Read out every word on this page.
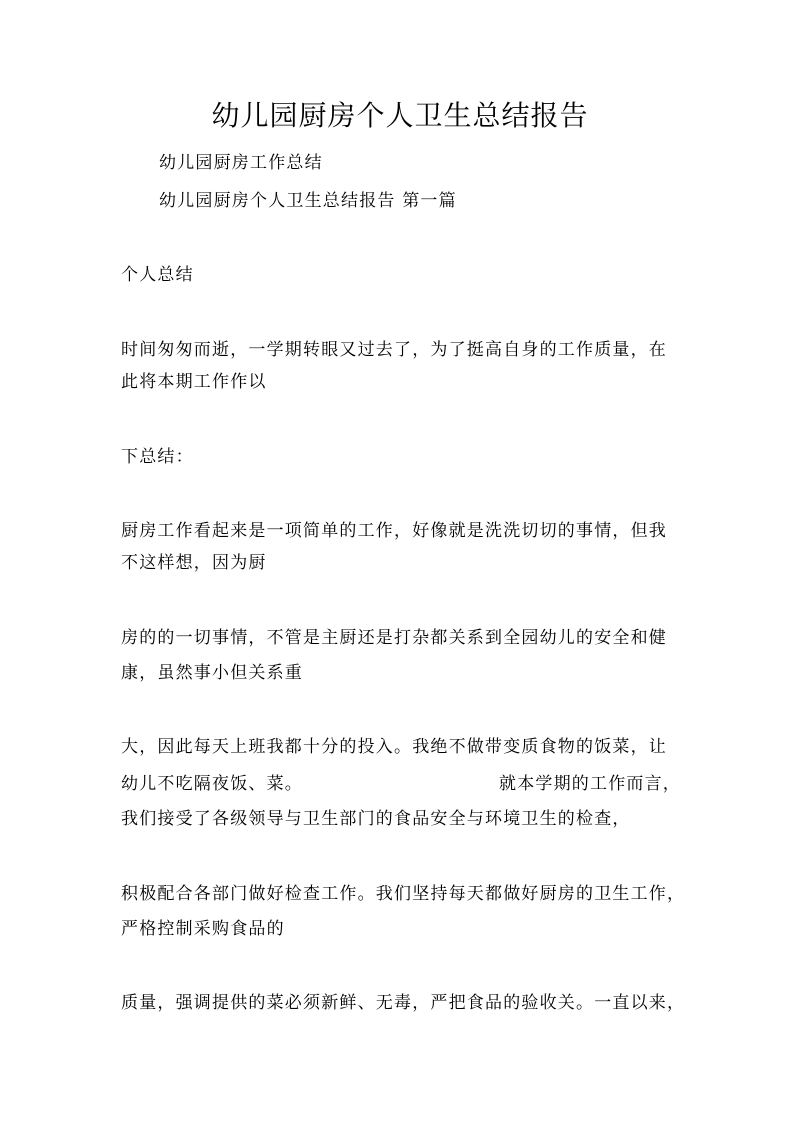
幼儿园厨房个人卫生总结报告
幼儿园厨房工作总结
幼儿园厨房个人卫生总结报告 第一篇
个人总结
时间匆匆而逝，一学期转眼又过去了，为了挺高自身的工作质量，在
此将本期工作作以
下总结：
厨房工作看起来是一项简单的工作，好像就是洗洗切切的事情，但我
不这样想，因为厨
房的的一切事情，不管是主厨还是打杂都关系到全园幼儿的安全和健
康，虽然事小但关系重
大，因此每天上班我都十分的投入。我绝不做带变质食物的饭菜，让
幼儿不吃隔夜饭、菜。	就本学期的工作而言，
我们接受了各级领导与卫生部门的食品安全与环境卫生的检查，
积极配合各部门做好检查工作。我们坚持每天都做好厨房的卫生工作，
严格控制采购食品的
质量，强调提供的菜必须新鲜、无毒，严把食品的验收关。一直以来，
